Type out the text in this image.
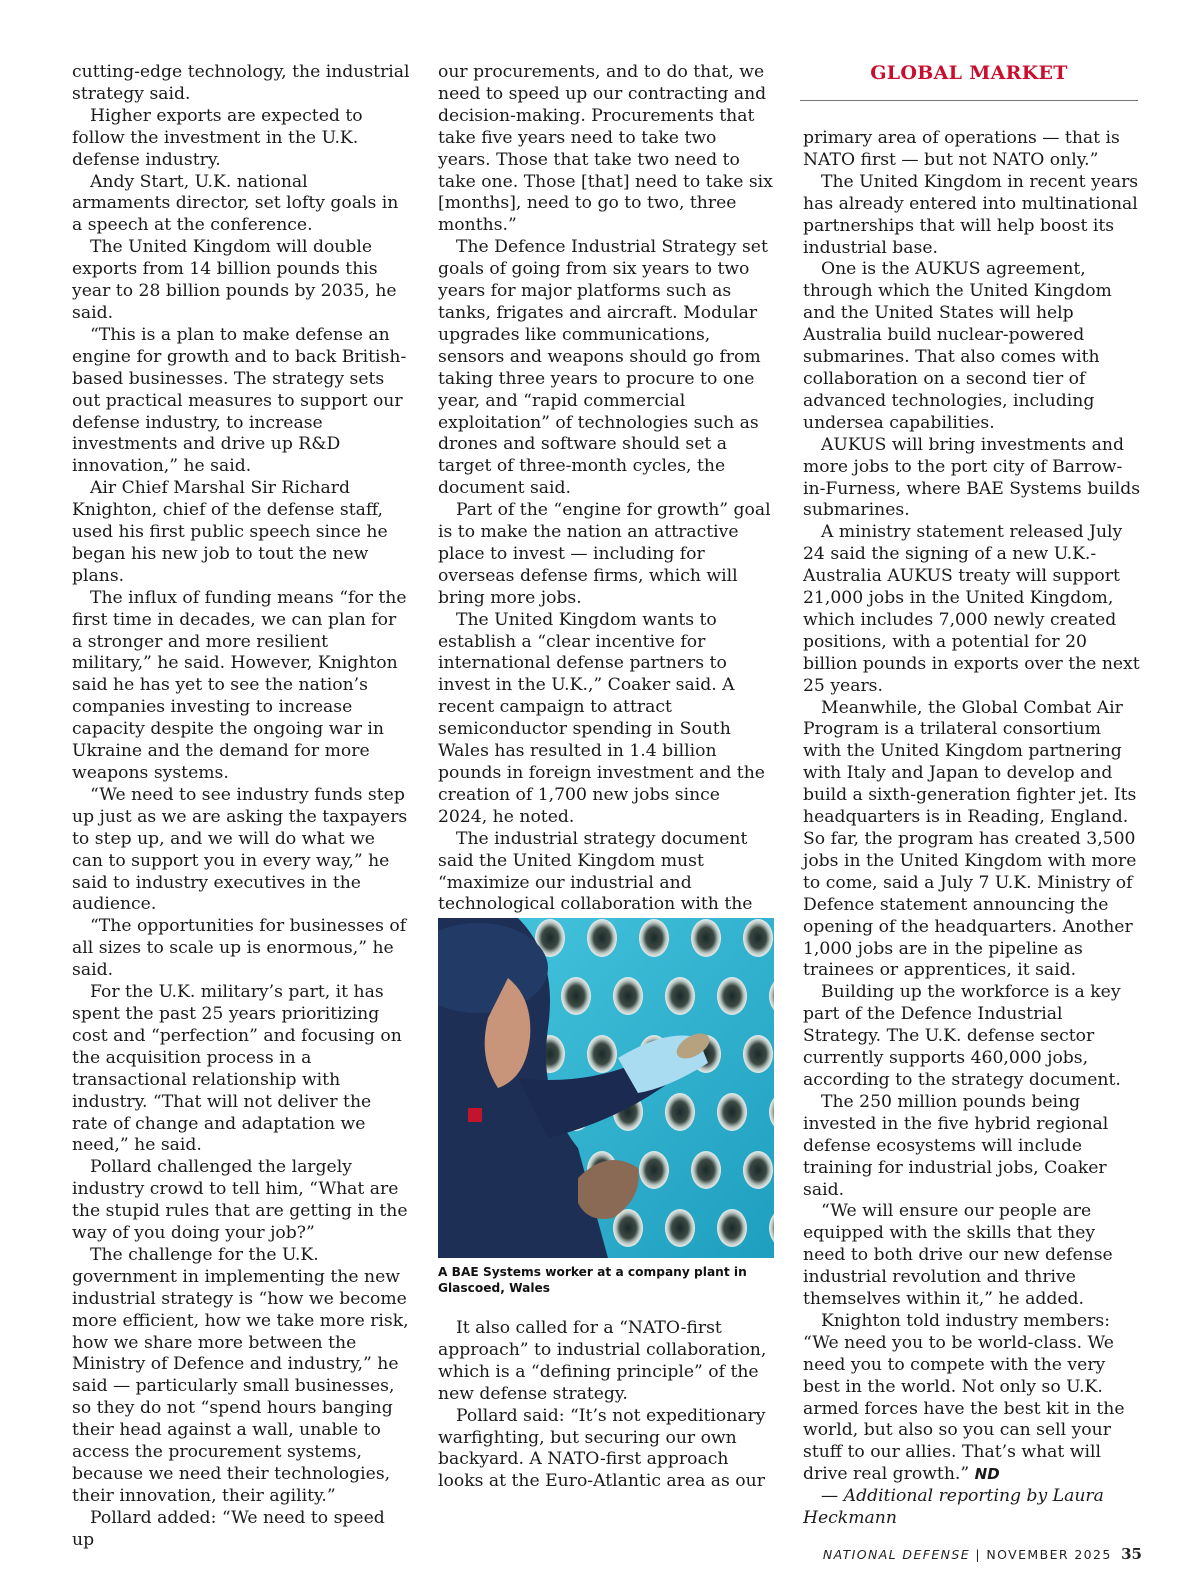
GLOBAL MARKET

cutting-edge technology, the industrial strategy said.

Higher exports are expected to follow the investment in the U.K. defense industry.

Andy Start, U.K. national armaments director, set lofty goals in a speech at the conference.

The United Kingdom will double exports from 14 billion pounds this year to 28 billion pounds by 2035, he said.

“This is a plan to make defense an engine for growth and to back British-based businesses. The strategy sets out practical measures to support our defense industry, to increase investments and drive up R&D innovation,” he said.

Air Chief Marshal Sir Richard Knighton, chief of the defense staff, used his first public speech since he began his new job to tout the new plans.

The influx of funding means “for the first time in decades, we can plan for a stronger and more resilient military,” he said. However, Knighton said he has yet to see the nation’s companies investing to increase capacity despite the ongoing war in Ukraine and the demand for more weapons systems.

“We need to see industry funds step up just as we are asking the taxpayers to step up, and we will do what we can to support you in every way,” he said to industry executives in the audience.

“The opportunities for businesses of all sizes to scale up is enormous,” he said.

For the U.K. military’s part, it has spent the past 25 years prioritizing cost and “perfection” and focusing on the acquisition process in a transactional relationship with industry. “That will not deliver the rate of change and adaptation we need,” he said.

Pollard challenged the largely industry crowd to tell him, “What are the stupid rules that are getting in the way of you doing your job?”

The challenge for the U.K. government in implementing the new industrial strategy is “how we become more efficient, how we take more risk, how we share more between the Ministry of Defence and industry,” he said — particularly small businesses, so they do not “spend hours banging their head against a wall, unable to access the procurement systems, because we need their technologies, their innovation, their agility.”

Pollard added: “We need to speed up

our procurements, and to do that, we need to speed up our contracting and decision-making. Procurements that take five years need to take two years. Those that take two need to take one. Those [that] need to take six [months], need to go to two, three months.”

The Defence Industrial Strategy set goals of going from six years to two years for major platforms such as tanks, frigates and aircraft. Modular upgrades like communications, sensors and weapons should go from taking three years to procure to one year, and “rapid commercial exploitation” of technologies such as drones and software should set a target of three-month cycles, the document said.

Part of the “engine for growth” goal is to make the nation an attractive place to invest — including for overseas defense firms, which will bring more jobs.

The United Kingdom wants to establish a “clear incentive for international defense partners to invest in the U.K.,” Coaker said. A recent campaign to attract semiconductor spending in South Wales has resulted in 1.4 billion pounds in foreign investment and the creation of 1,700 new jobs since 2024, he noted.

The industrial strategy document said the United Kingdom must “maximize our industrial and technological collaboration with the

A BAE Systems worker at a company plant in Glascoed, Wales

It also called for a “NATO-first approach” to industrial collaboration, which is a “defining principle” of the new defense strategy.

Pollard said: “It’s not expeditionary warfighting, but securing our own backyard. A NATO-first approach looks at the Euro-Atlantic area as our

primary area of operations — that is NATO first — but not NATO only.”

The United Kingdom in recent years has already entered into multinational partnerships that will help boost its industrial base.

One is the AUKUS agreement, through which the United Kingdom and the United States will help Australia build nuclear-powered submarines. That also comes with collaboration on a second tier of advanced technologies, including undersea capabilities.

AUKUS will bring investments and more jobs to the port city of Barrow-in-Furness, where BAE Systems builds submarines.

A ministry statement released July 24 said the signing of a new U.K.-Australia AUKUS treaty will support 21,000 jobs in the United Kingdom, which includes 7,000 newly created positions, with a potential for 20 billion pounds in exports over the next 25 years.

Meanwhile, the Global Combat Air Program is a trilateral consortium with the United Kingdom partnering with Italy and Japan to develop and build a sixth-generation fighter jet. Its headquarters is in Reading, England. So far, the program has created 3,500 jobs in the United Kingdom with more to come, said a July 7 U.K. Ministry of Defence statement announcing the opening of the headquarters. Another 1,000 jobs are in the pipeline as trainees or apprentices, it said.

Building up the workforce is a key part of the Defence Industrial Strategy. The U.K. defense sector currently supports 460,000 jobs, according to the strategy document.

The 250 million pounds being invested in the five hybrid regional defense ecosystems will include training for industrial jobs, Coaker said.

“We will ensure our people are equipped with the skills that they need to both drive our new defense industrial revolution and thrive themselves within it,” he added.

Knighton told industry members: “We need you to be world-class. We need you to compete with the very best in the world. Not only so U.K. armed forces have the best kit in the world, but also so you can sell your stuff to our allies. That’s what will drive real growth.” ND

— Additional reporting by Laura Heckmann

NATIONAL DEFENSE | NOVEMBER 2025 35
